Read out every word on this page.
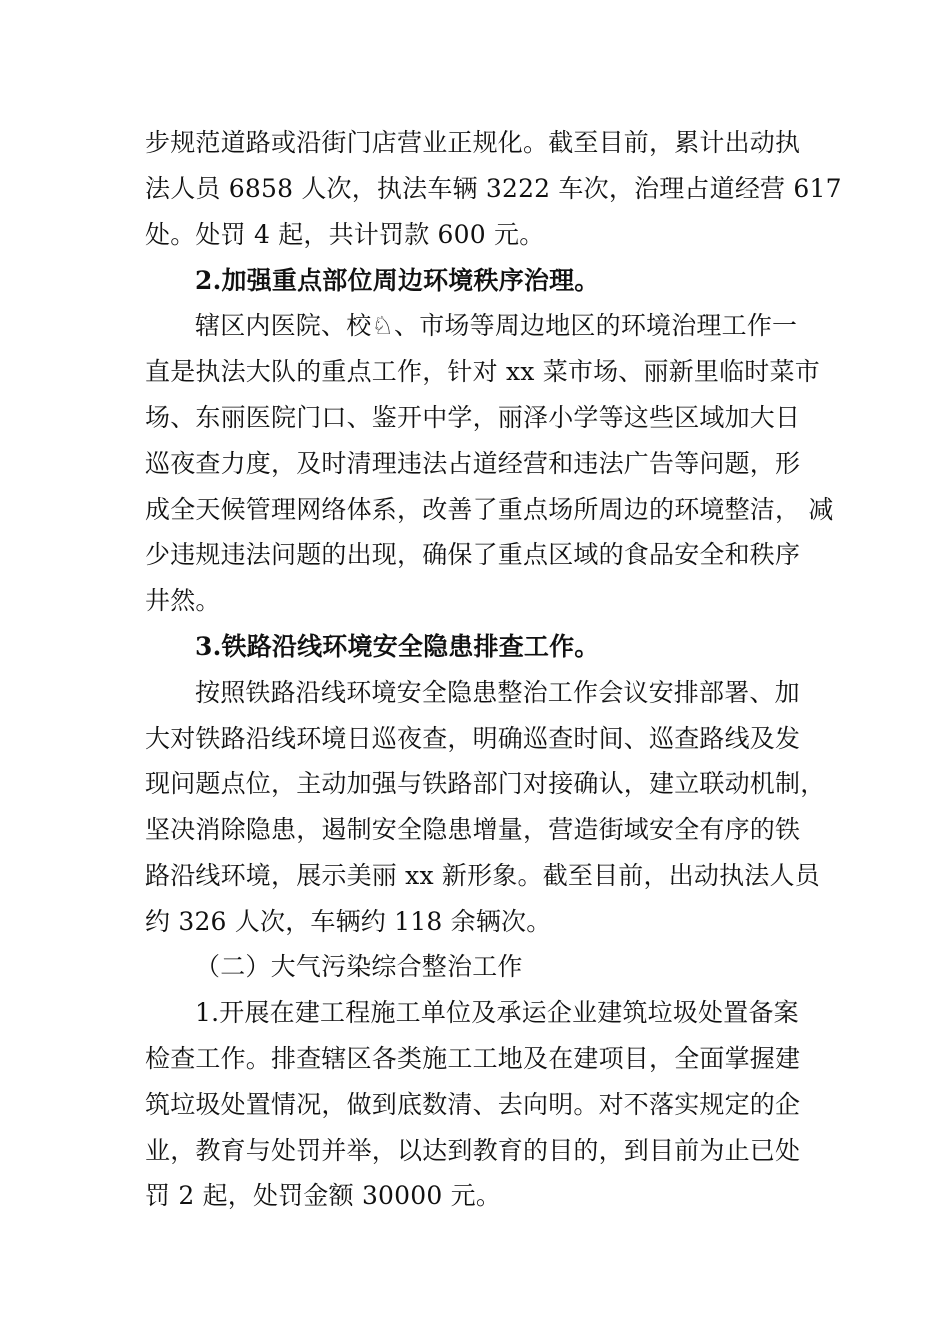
步规范道路或沿街门店营业正规化。截至目前，累计出动执
法人员 6858 人次，执法车辆 3222 车次，治理占道经营 617
处。处罚 4 起，共计罚款 600 元。
2.加强重点部位周边环境秩序治理。
辖区内医院、校♘、市场等周边地区的环境治理工作一
直是执法大队的重点工作，针对 xx 菜市场、丽新里临时菜市
场、东丽医院门口、鉴开中学，丽泽小学等这些区域加大日
巡夜查力度，及时清理违法占道经营和违法广告等问题，形
成全天候管理网络体系，改善了重点场所周边的环境整洁， 减
少违规违法问题的出现，确保了重点区域的食品安全和秩序
井然。
3.铁路沿线环境安全隐患排查工作。
按照铁路沿线环境安全隐患整治工作会议安排部署、加
大对铁路沿线环境日巡夜查，明确巡查时间、巡查路线及发
现问题点位，主动加强与铁路部门对接确认，建立联动机制，
坚决消除隐患，遏制安全隐患增量，营造街域安全有序的铁
路沿线环境，展示美丽 xx 新形象。截至目前，出动执法人员
约 326 人次，车辆约 118 余辆次。
（二）大气污染综合整治工作
1.开展在建工程施工单位及承运企业建筑垃圾处置备案
检查工作。排查辖区各类施工工地及在建项目，全面掌握建
筑垃圾处置情况，做到底数清、去向明。对不落实规定的企
业，教育与处罚并举，以达到教育的目的，到目前为止已处
罚 2 起，处罚金额 30000 元。
